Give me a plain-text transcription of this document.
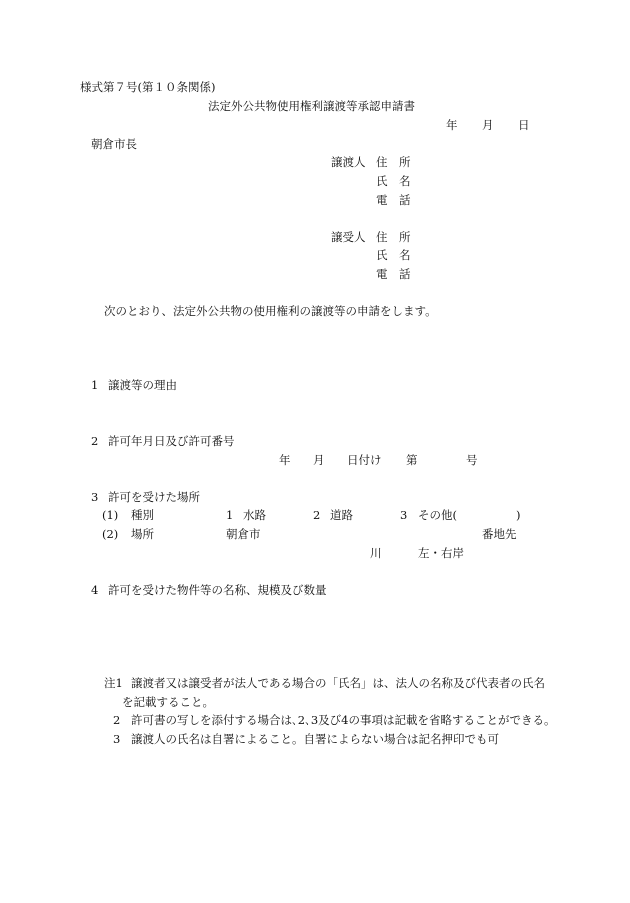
様式第７号(第１０条関係)
法定外公共物使用権利譲渡等承認申請書
年 月 日
朝倉市長
譲渡人 住　所
氏　名
電　話
譲受人 住　所
氏　名
電　話
次のとおり、法定外公共物の使用権利の譲渡等の申請をします。
1 譲渡等の理由
2 許可年月日及び許可番号
年 月 日付け 第	号
3 許可を受けた場所
(1) 種別	1 水路	2 道路	3 その他(	)
(2) 場所	朝倉市	番地先
川	左・右岸
4 許可を受けた物件等の名称、規模及び数量
注1 譲渡者又は譲受者が法人である場合の「氏名」は、法人の名称及び代表者の氏名
を記載すること。
2 許可書の写しを添付する場合は､2､3及び4の事項は記載を省略することができる。
3 譲渡人の氏名は自署によること。自署によらない場合は記名押印でも可
